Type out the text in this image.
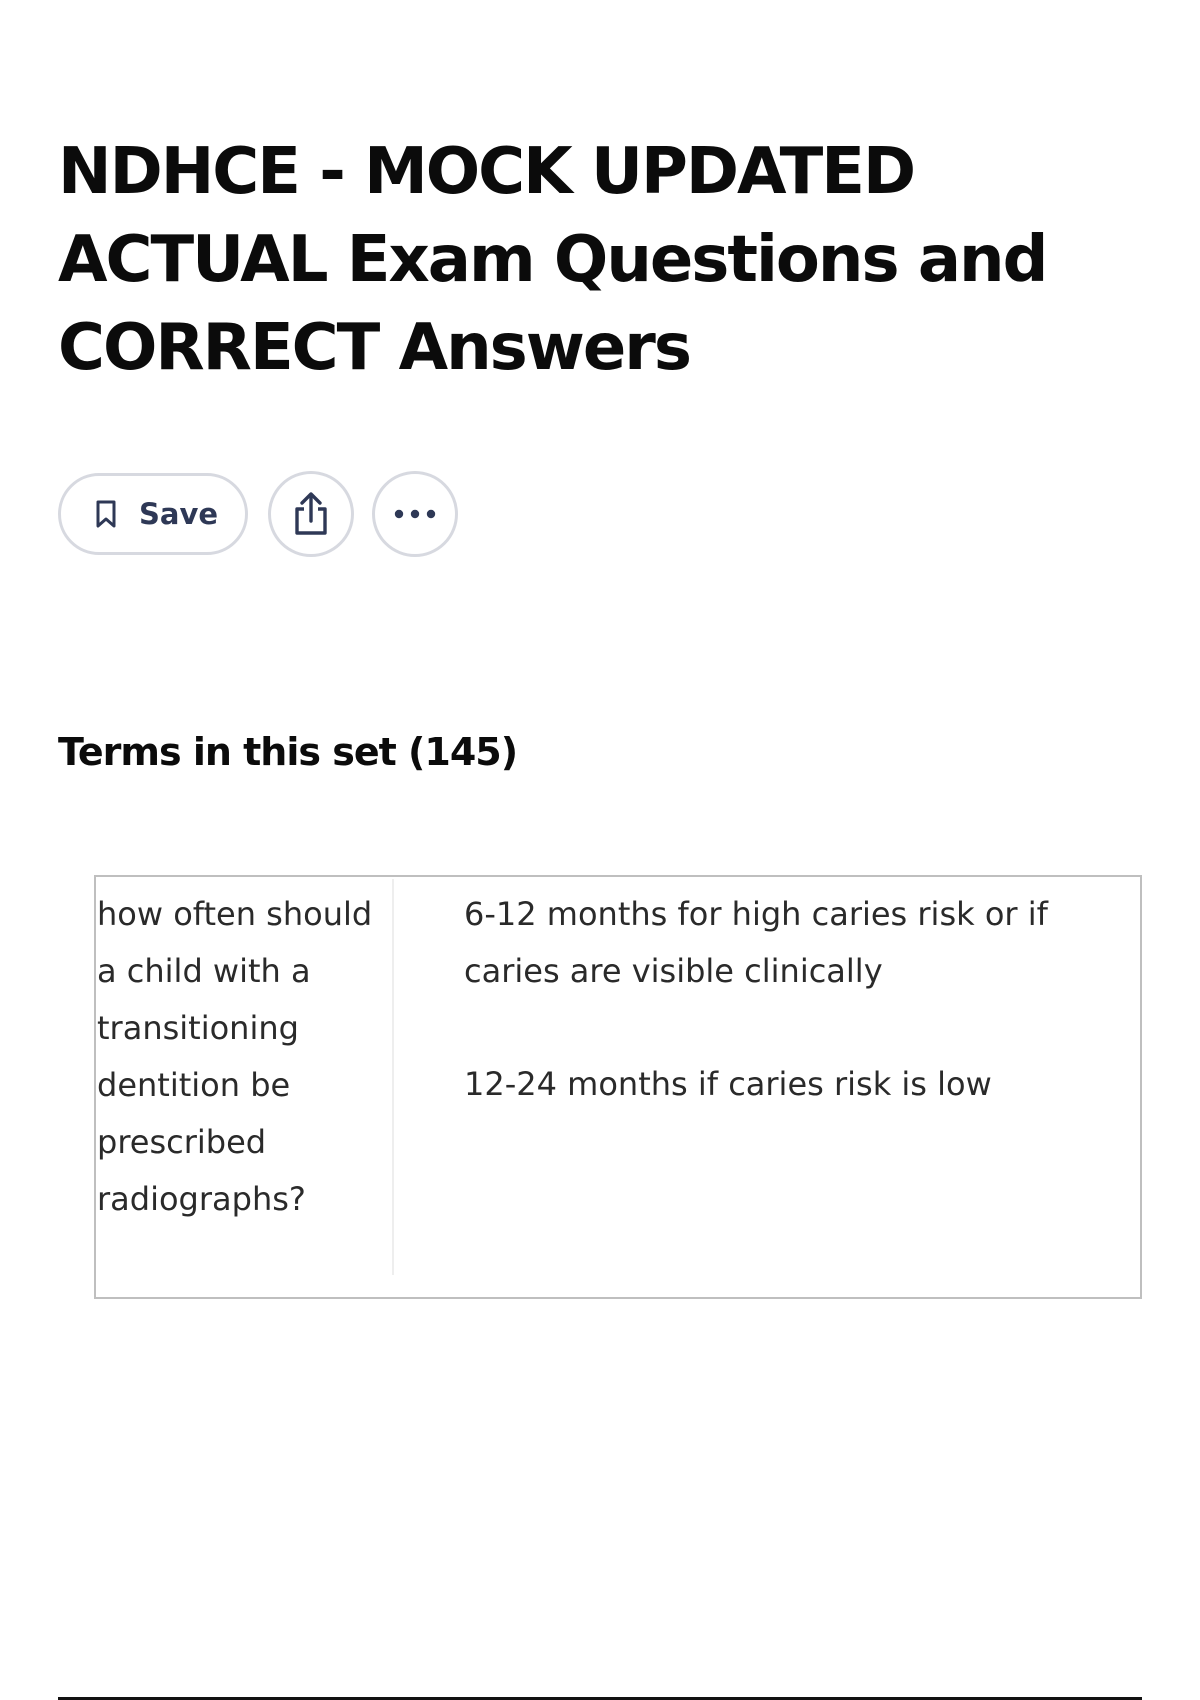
NDHCE - MOCK UPDATED ACTUAL Exam Questions and CORRECT Answers
Save
Terms in this set (145)
how often should a child with a transitioning dentition be prescribed radiographs?
6-12 months for high caries risk or if caries are visible clinically
12-24 months if caries risk is low
